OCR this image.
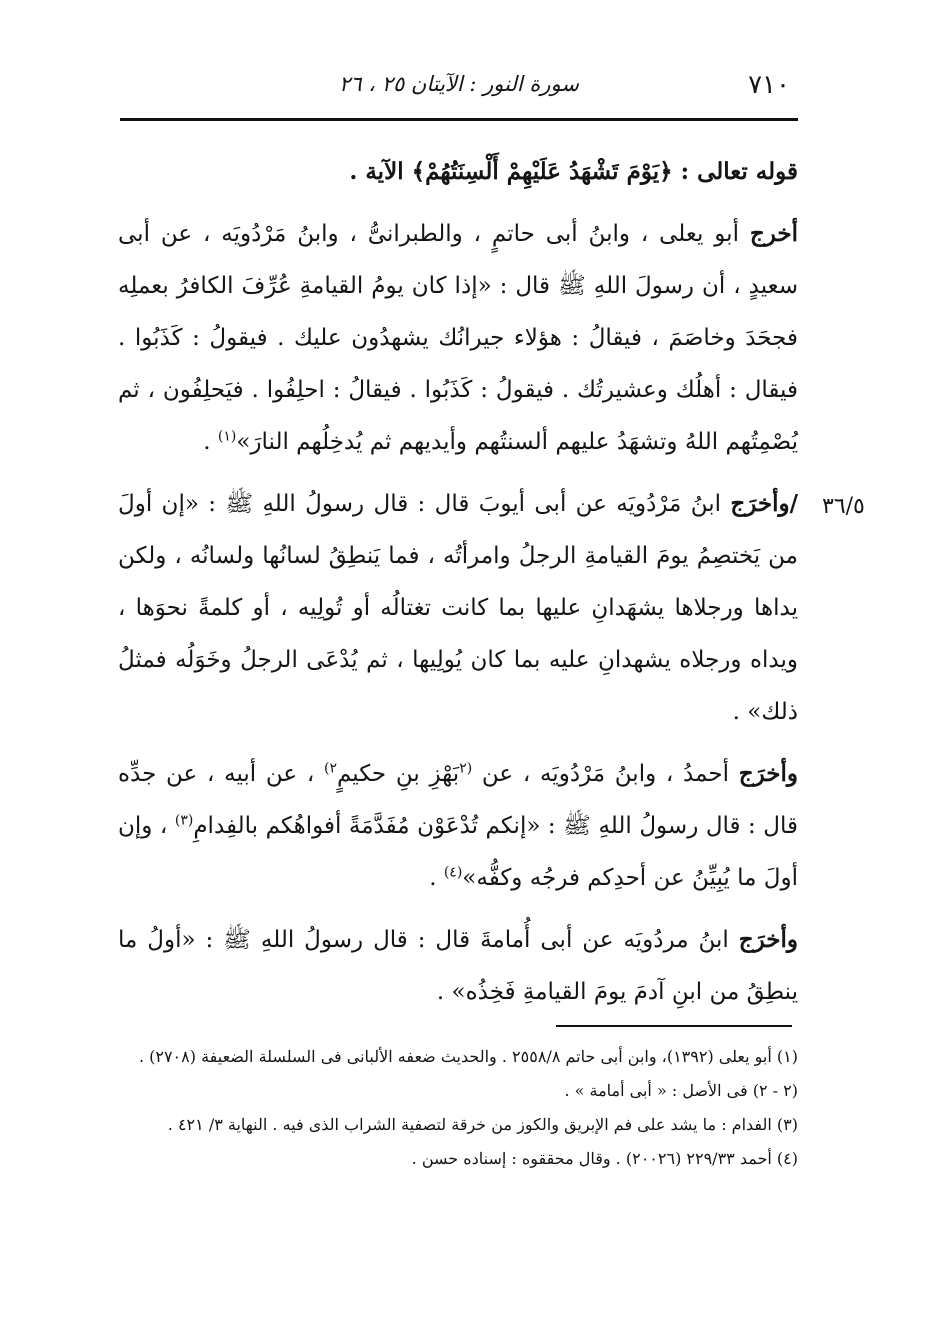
٧١٠
سورة النور : الآيتان ٢٥ ، ٢٦
٣٦/٥

قوله تعالى : ﴿يَوْمَ تَشْهَدُ عَلَيْهِمْ أَلْسِنَتُهُمْ﴾ الآية .

أخرج أبو يعلى ، وابنُ أبى حاتمٍ ، والطبرانىُّ ، وابنُ مَرْدُويَه ، عن أبى سعيدٍ ، أن رسولَ اللهِ ﷺ قال : «إذا كان يومُ القيامةِ عُرِّفَ الكافرُ بعملِه فجحَدَ وخاصَمَ ، فيقالُ : هؤلاء جيرانُك يشهدُون عليك . فيقولُ : كَذَبُوا . فيقال : أهلُك وعشيرتُك . فيقولُ : كَذَبُوا . فيقالُ : احلِفُوا . فيَحلِفُون ، ثم يُصْمِتُهم اللهُ وتشهَدُ عليهم ألسنتُهم وأيديهم ثم يُدخِلُهم النارَ»$^{(١)}$ .

/وأخرَج ابنُ مَرْدُويَه عن أبى أيوبَ قال : قال رسولُ اللهِ ﷺ : «إن أولَ من يَختصِمُ يومَ القيامةِ الرجلُ وامرأتُه ، فما يَنطِقُ لسانُها ولسانُه ، ولكن يداها ورجلاها يشهَدانِ عليها بما كانت تغتالُه أو تُولِيه ، أو كلمةً نحوَها ، ويداه ورجلاه يشهدانِ عليه بما كان يُولِيها ، ثم يُدْعَى الرجلُ وخَوَلُه فمثلُ ذلك» .

وأخرَج أحمدُ ، وابنُ مَرْدُويَه ، عن $^{(٢}$بَهْزِ بنِ حكيمٍ$^{٢)}$ ، عن أبيه ، عن جدِّه قال : قال رسولُ اللهِ ﷺ : «إنكم تُدْعَوْن مُفَدَّمَةً أفواهُكم بالفِدامِ$^{(٣)}$ ، وإن أولَ ما يُبِيِّنُ عن أحدِكم فرجُه وكفُّه»$^{(٤)}$ .

وأخرَج ابنُ مردُويَه عن أبى أُمامةَ قال : قال رسولُ اللهِ ﷺ : «أولُ ما ينطِقُ من ابنِ آدمَ يومَ القيامةِ فَخِذُه» .

(١) أبو يعلى (١٣٩٢)، وابن أبى حاتم ٢٥٥٨/٨ . والحديث ضعفه الألبانى فى السلسلة الضعيفة (٢٧٠٨) .

(٢ - ٢) فى الأصل : « أبى أمامة » .

(٣) الفدام : ما يشد على فم الإبريق والكوز من خرقة لتصفية الشراب الذى فيه . النهاية ٣/ ٤٢١ .

(٤) أحمد ٢٢٩/٣٣ (٢٠٠٢٦) . وقال محققوه : إسناده حسن .
